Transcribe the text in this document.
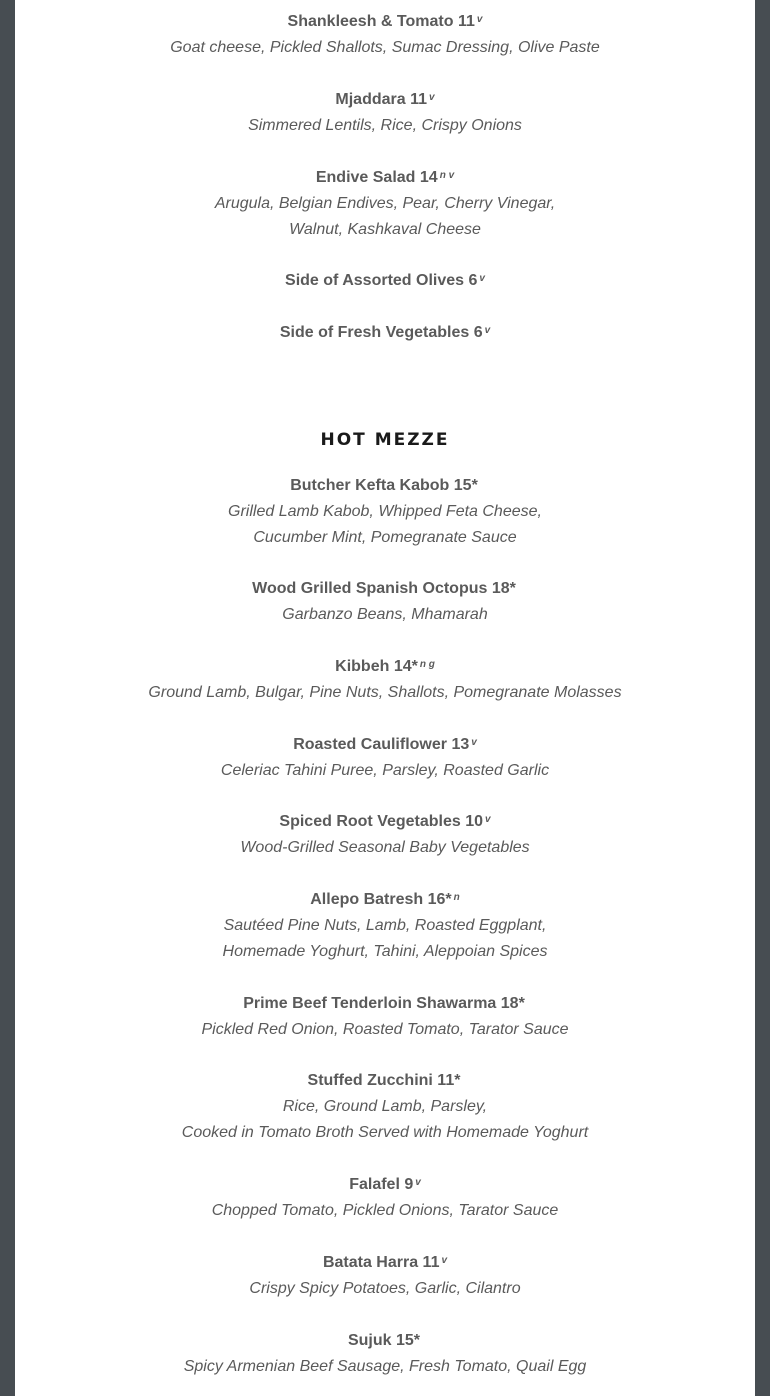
Shankleesh & Tomato 11 $^v$
Goat cheese, Pickled Shallots, Sumac Dressing, Olive Paste
Mjaddara 11 $^v$
Simmered Lentils, Rice, Crispy Onions
Endive Salad 14 $^{n v}$
Arugula, Belgian Endives, Pear, Cherry Vinegar,
Walnut, Kashkaval Cheese
Side of Assorted Olives 6 $^v$
Side of Fresh Vegetables 6 $^v$
HOT MEZZE
Butcher Kefta Kabob 15*
Grilled Lamb Kabob, Whipped Feta Cheese,
Cucumber Mint, Pomegranate Sauce
Wood Grilled Spanish Octopus 18*
Garbanzo Beans, Mhamarah
Kibbeh 14* $^{n g}$
Ground Lamb, Bulgar, Pine Nuts, Shallots, Pomegranate Molasses
Roasted Cauliflower 13 $^v$
Celeriac Tahini Puree, Parsley, Roasted Garlic
Spiced Root Vegetables 10 $^v$
Wood-Grilled Seasonal Baby Vegetables
Allepo Batresh 16* $^n$
Sautéed Pine Nuts, Lamb, Roasted Eggplant,
Homemade Yoghurt, Tahini, Aleppoian Spices
Prime Beef Tenderloin Shawarma 18*
Pickled Red Onion, Roasted Tomato, Tarator Sauce
Stuffed Zucchini 11*
Rice, Ground Lamb, Parsley,
Cooked in Tomato Broth Served with Homemade Yoghurt
Falafel 9 $^v$
Chopped Tomato, Pickled Onions, Tarator Sauce
Batata Harra 11 $^v$
Crispy Spicy Potatoes, Garlic, Cilantro
Sujuk 15*
Spicy Armenian Beef Sausage, Fresh Tomato, Quail Egg
